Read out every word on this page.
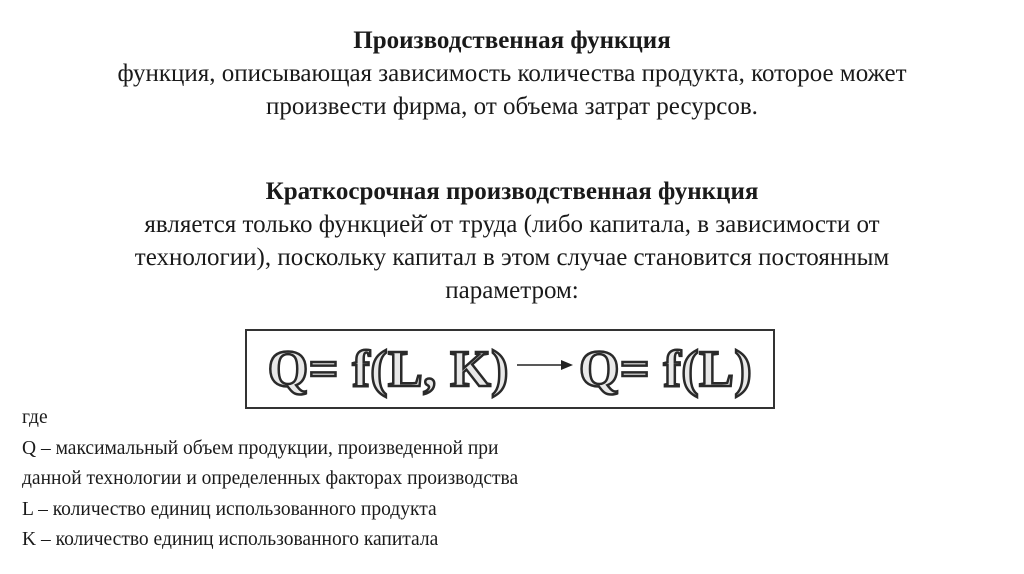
Производственная функция
функция, описывающая зависимость количества продукта, которое может
произвести фирма, от объема затрат ресурсов.
Краткосрочная производственная функция
является только функцией̆ от труда (либо капитала, в зависимости от
технологии), поскольку капитал в этом случае становится постоянным
параметром:
Q= f(L, K) Q= f(L)
где
Q – максимальный объем продукции, произведенной при
данной технологии и определенных факторах производства
L – количество единиц использованного продукта
K – количество единиц использованного капитала
